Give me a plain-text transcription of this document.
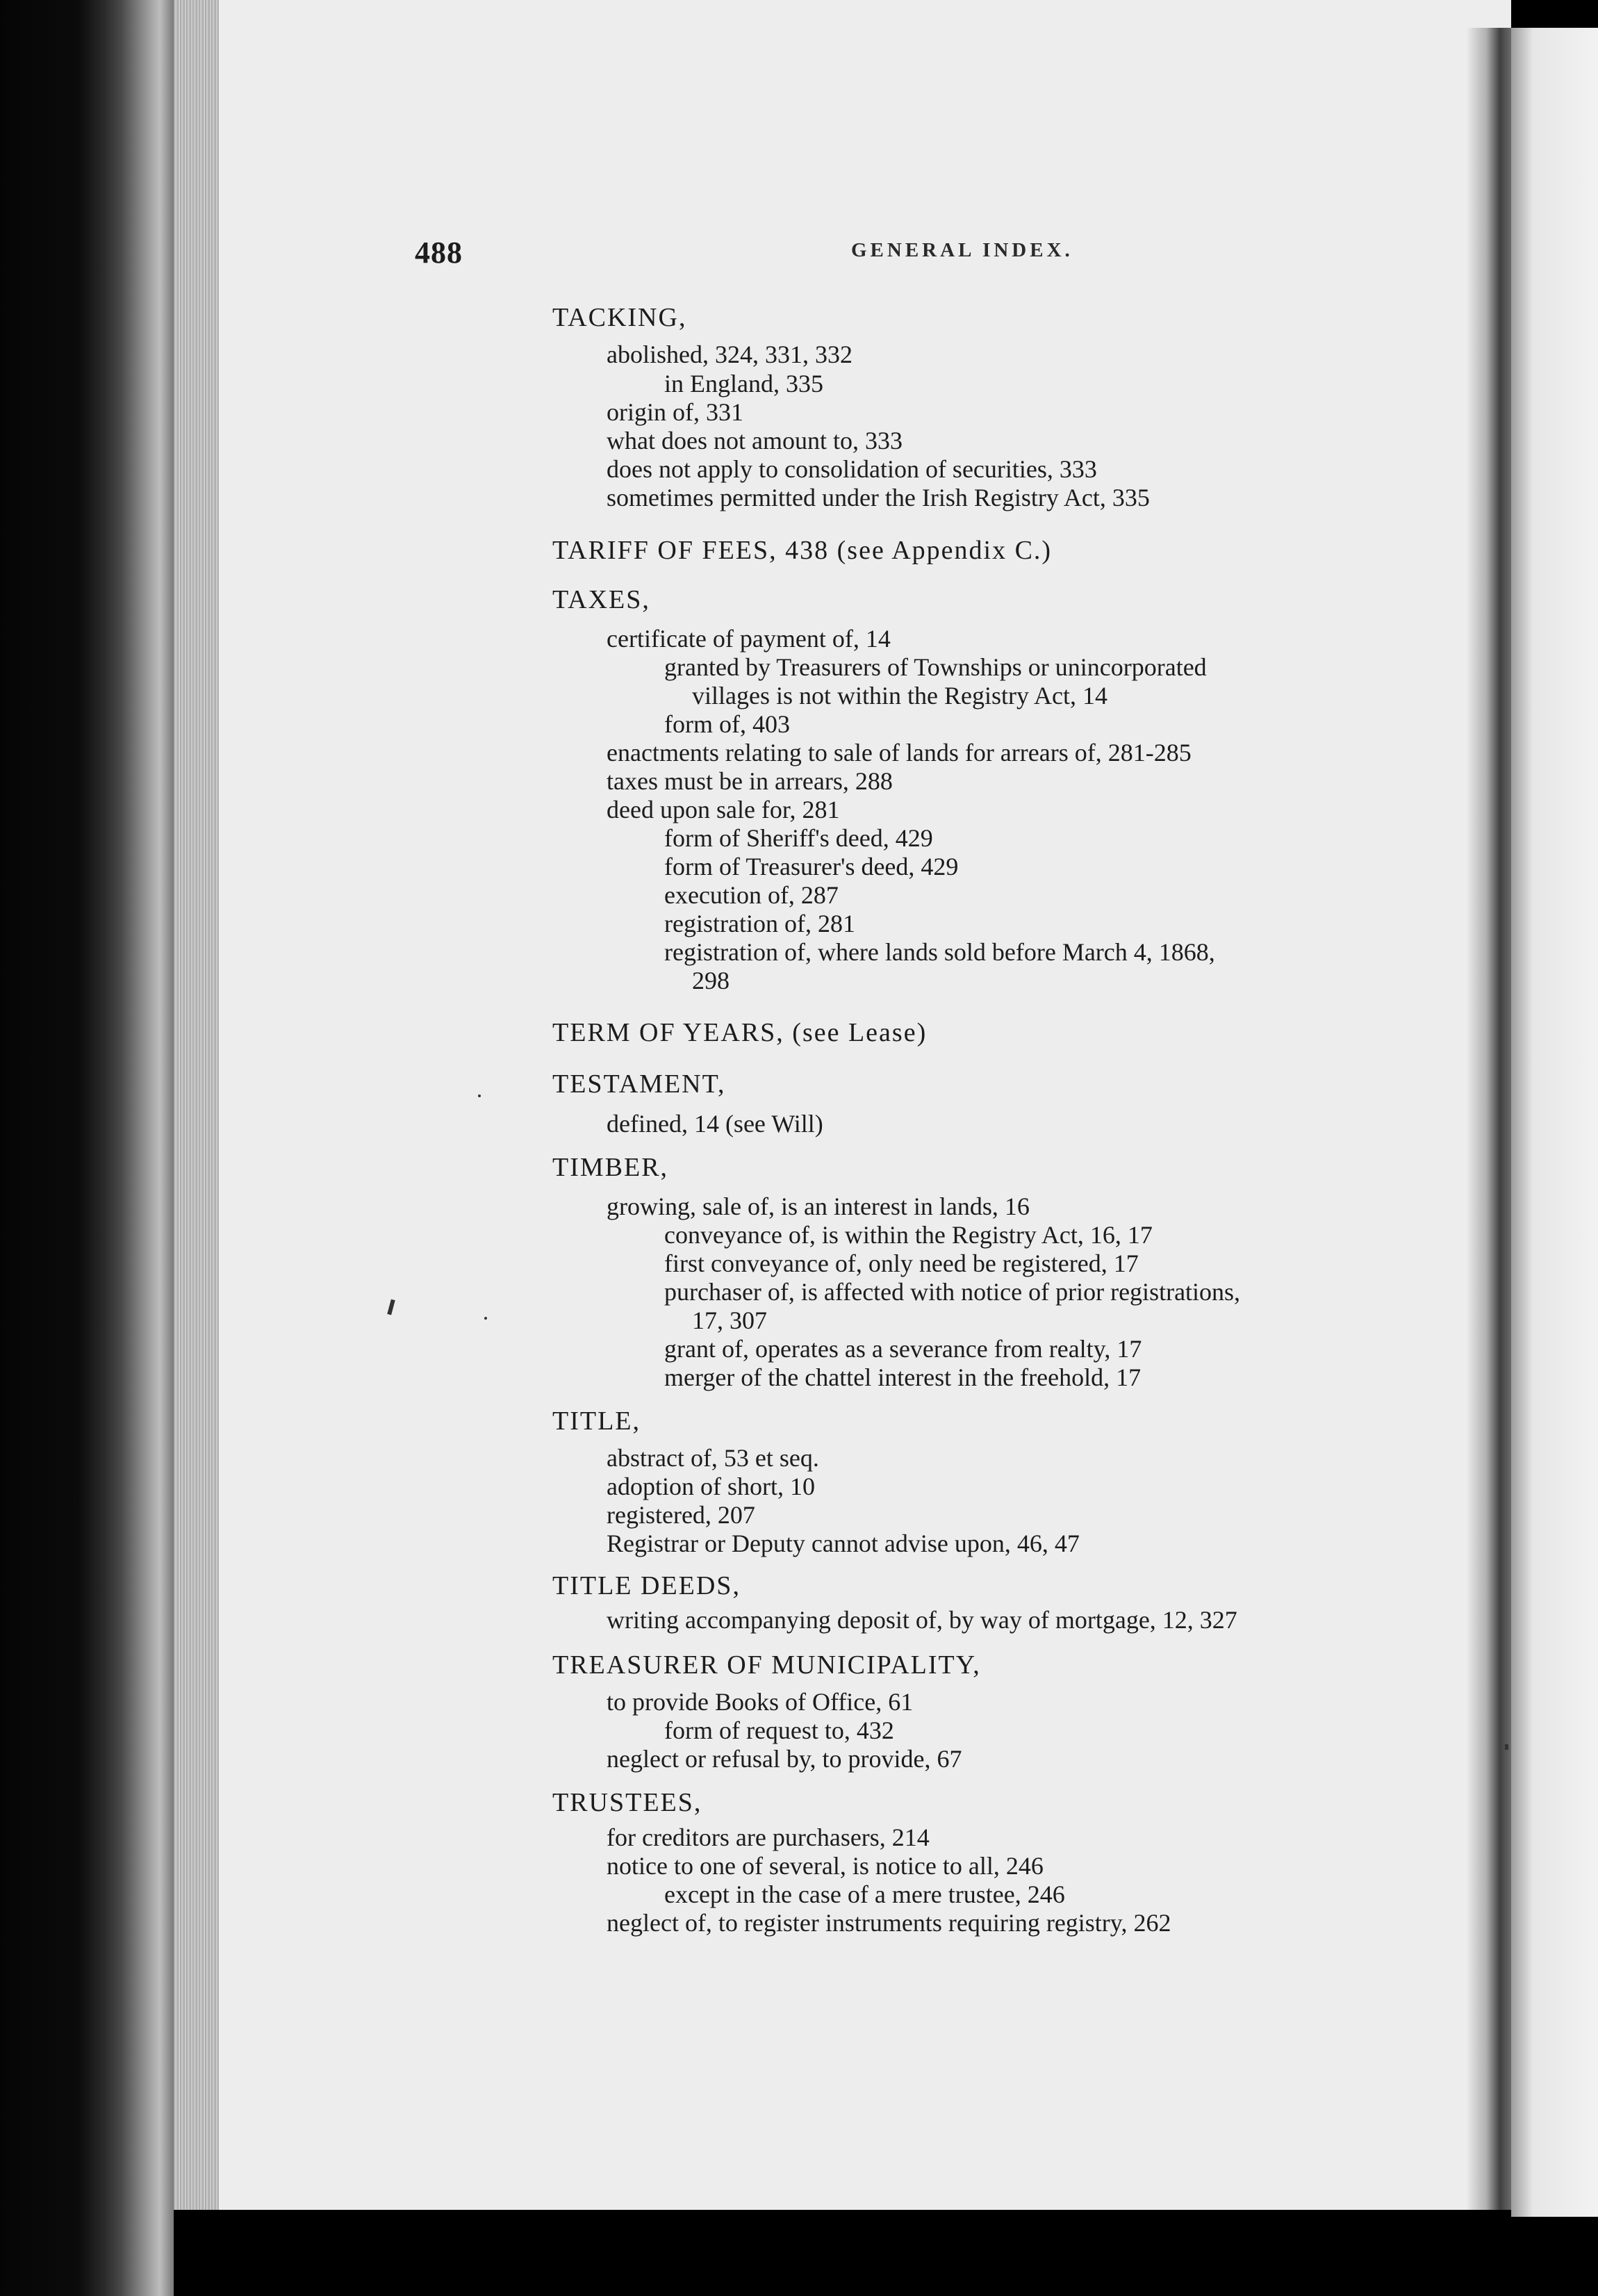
488	GENERAL INDEX.
TACKING,
abolished, 324, 331, 332
in England, 335
origin of, 331
what does not amount to, 333
does not apply to consolidation of securities, 333
sometimes permitted under the Irish Registry Act, 335
TARIFF OF FEES, 438 (see Appendix C.)
TAXES,
certificate of payment of, 14
granted by Treasurers of Townships or unincorporated
villages is not within the Registry Act, 14
form of, 403
enactments relating to sale of lands for arrears of, 281-285
taxes must be in arrears, 288
deed upon sale for, 281
form of Sheriff's deed, 429
form of Treasurer's deed, 429
execution of, 287
registration of, 281
registration of, where lands sold before March 4, 1868,
298
TERM OF YEARS, (see Lease)
TESTAMENT,
defined, 14 (see Will)
TIMBER,
growing, sale of, is an interest in lands, 16
conveyance of, is within the Registry Act, 16, 17
first conveyance of, only need be registered, 17
purchaser of, is affected with notice of prior registrations,
17, 307
grant of, operates as a severance from realty, 17
merger of the chattel interest in the freehold, 17
TITLE,
abstract of, 53 et seq.
adoption of short, 10
registered, 207
Registrar or Deputy cannot advise upon, 46, 47
TITLE DEEDS,
writing accompanying deposit of, by way of mortgage, 12, 327
TREASURER OF MUNICIPALITY,
to provide Books of Office, 61
form of request to, 432
neglect or refusal by, to provide, 67
TRUSTEES,
for creditors are purchasers, 214
notice to one of several, is notice to all, 246
except in the case of a mere trustee, 246
neglect of, to register instruments requiring registry, 262
